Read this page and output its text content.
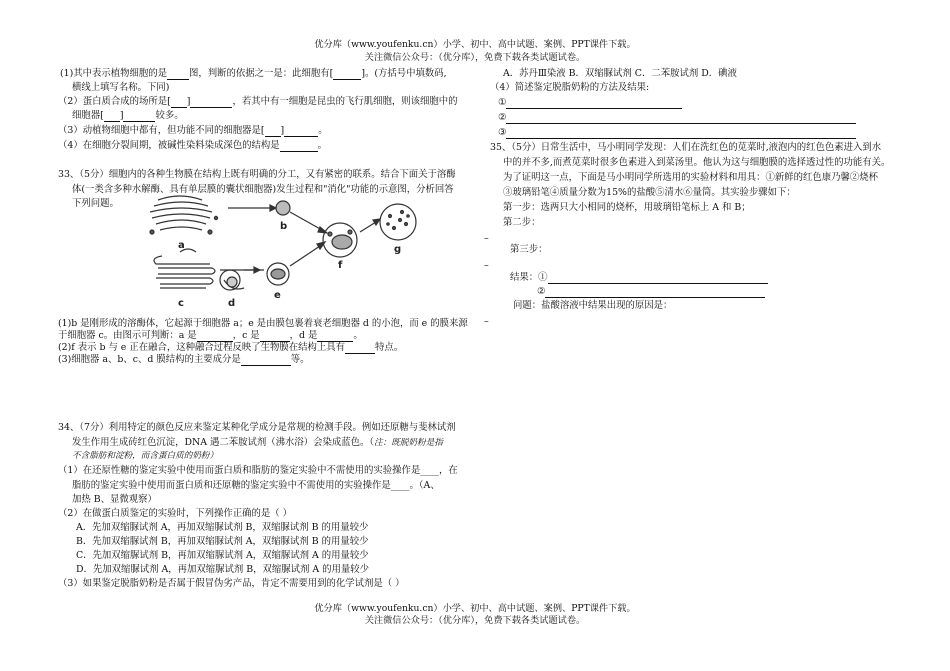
优分库（www.youfenku.cn）小学、初中、高中试题、案例、PPT课件下载。
关注微信公众号：（优分库），免费下载各类试题试卷。
(1)其中表示植物细胞的是 图，判断的依据之一是：此细胞有[	]。(方括号中填数码,
横线上填写名称。下同)
（2）蛋白质合成的场所是[ ]	，若其中有一细胞是昆虫的飞行肌细胞，则该细胞中的
细胞器[ ]	较多。
（3）动植物细胞中都有，但功能不同的细胞器是[ ]	。
（4）在细胞分裂间期，被碱性染料染成深色的结构是	。
33、（5分）细胞内的各种生物膜在结构上既有明确的分工，又有紧密的联系。结合下面关于溶酶
体(一类含多种水解酶、具有单层膜的囊状细胞器)发生过程和"消化"功能的示意图，分析回答
下列问题。
a
b
c	d
e
f
g
(1)b 是刚形成的溶酶体，它起源于细胞器 a；e 是由膜包裹着衰老细胞器 d 的小泡，而 e 的膜来源
于细胞器 c。由图示可判断：a 是	，c 是	，d 是	。
(2)f 表示 b 与 e 正在融合，这种融合过程反映了生物膜在结构上具有	特点。
(3)细胞器 a、b、c、d 膜结构的主要成分是	等。
34、（7分）利用特定的颜色反应来鉴定某种化学成分是常规的检测手段。例如还原糖与斐林试剂
发生作用生成砖红色沉淀，DNA 遇二苯胺试剂（沸水浴）会染成蓝色。（注：既脱奶粉是指
不含脂肪和淀粉，而含蛋白质的奶粉）
（1）在还原性糖的鉴定实验中使用而蛋白质和脂肪的鉴定实验中不需使用的实验操作是____，在
脂肪的鉴定实验中使用而蛋白质和还原糖的鉴定实验中不需使用的实验操作是____。（A、
加热 B、显微观察）
（2）在做蛋白质鉴定的实验时，下列操作正确的是（ ）
A．先加双缩脲试剂 A，再加双缩脲试剂 B，双缩脲试剂 B 的用量较少
B．先加双缩脲试剂 B，再加双缩脲试剂 A，双缩脲试剂 B 的用量较少
C．先加双缩脲试剂 B，再加双缩脲试剂 A，双缩脲试剂 A 的用量较少
D．先加双缩脲试剂 A，再加双缩脲试剂 B，双缩脲试剂 A 的用量较少
（3）如果鉴定脱脂奶粉是否属于假冒伪劣产品，肯定不需要用到的化学试剂是（ ）
A．苏丹Ⅲ染液 B．双缩脲试剂 C．二苯胺试剂 D．碘液
（4）简述鉴定脱脂奶粉的方法及结果:
①
②
③
35、（5分）日常生活中，马小明同学发现：人们在洗红色的苋菜时,液泡内的红色色素进入到水
中的并不多,而煮苋菜时很多色素进入到菜汤里。他认为这与细胞膜的选择透过性的功能有关。
为了证明这一点，下面是马小明同学所选用的实验材料和用具：①新鲜的红色康乃馨②烧杯
③玻璃铅笔④质量分数为15%的盐酸⑤清水⑥量筒。其实验步骤如下：
第一步：选两只大小相同的烧杯，用玻璃铅笔标上 A 和 B；
第二步：
–
第三步：
–
结果：①
②
问题：盐酸溶液中结果出现的原因是：
–
优分库（www.youfenku.cn）小学、初中、高中试题、案例、PPT课件下载。
关注微信公众号：（优分库），免费下载各类试题试卷。
